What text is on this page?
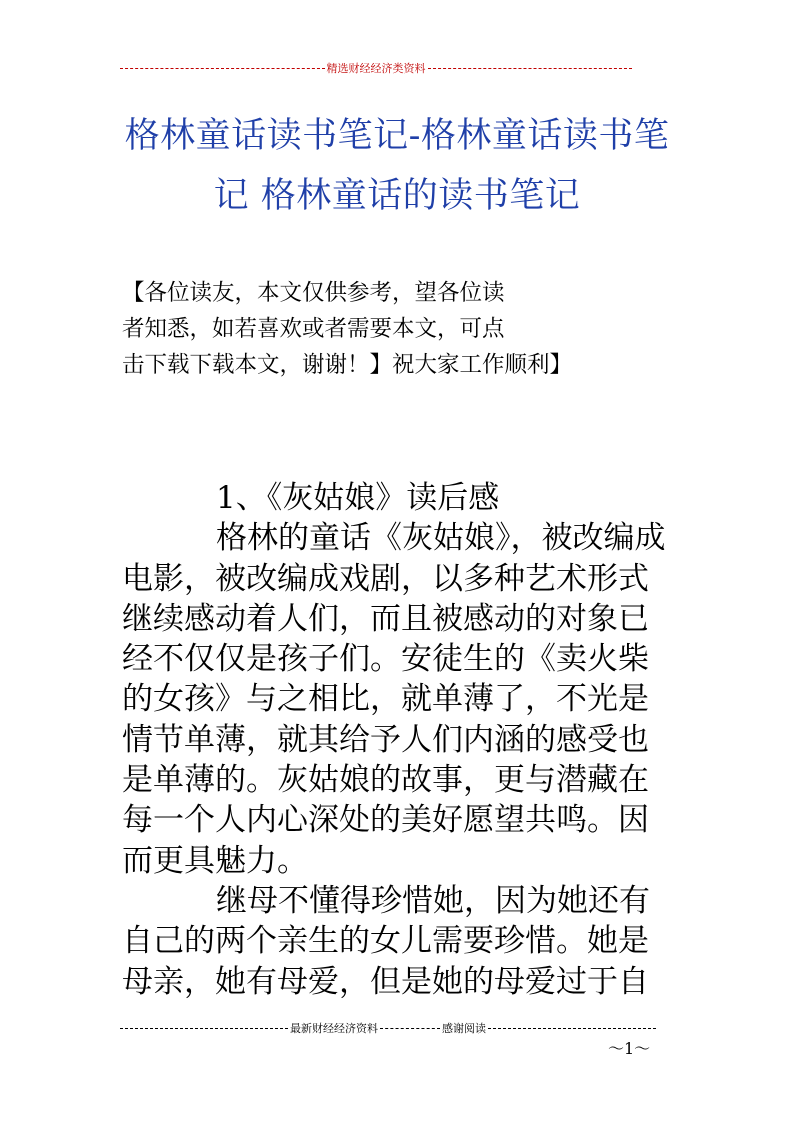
精选财经经济类资料
格林童话读书笔记-格林童话读书笔
记 格林童话的读书笔记
【各位读友，本文仅供参考，望各位读
者知悉，如若喜欢或者需要本文，可点
击下载下载本文，谢谢！】祝大家工作顺利】
1、《灰姑娘》读后感
格林的童话《灰姑娘》，被改编成
电影，被改编成戏剧，以多种艺术形式
继续感动着人们，而且被感动的对象已
经不仅仅是孩子们。安徒生的《卖火柴
的女孩》与之相比，就单薄了，不光是
情节单薄，就其给予人们内涵的感受也
是单薄的。灰姑娘的故事，更与潜藏在
每一个人内心深处的美好愿望共鸣。因
而更具魅力。
继母不懂得珍惜她，因为她还有
自己的两个亲生的女儿需要珍惜。她是
母亲，她有母爱，但是她的母爱过于自
最新财经经济资料	感谢阅读
～1～
